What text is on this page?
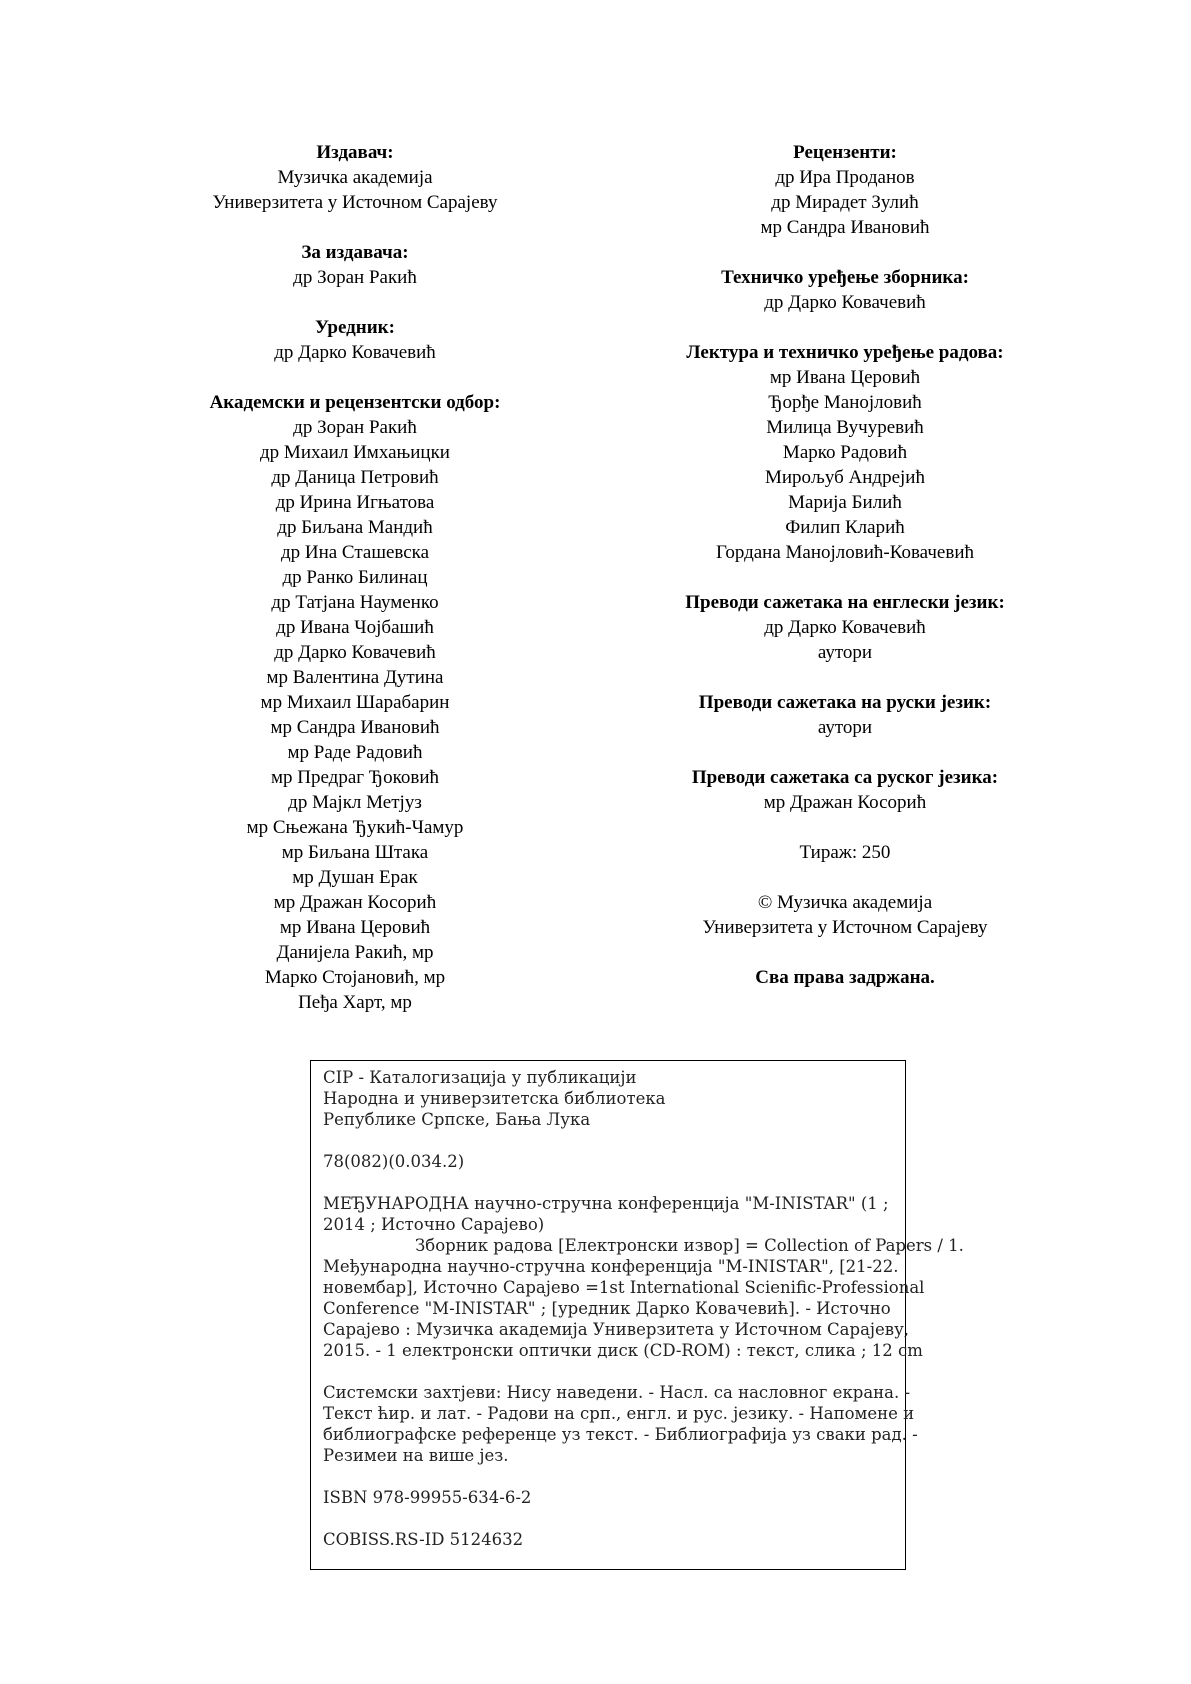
Издавач:
Музичка академија
Универзитета у Источном Сарајеву
За издавача:
др Зоран Ракић
Уредник:
др Дарко Ковачевић
Академски и рецензентски одбор:
др Зоран Ракић
др Михаил Имхањицки
др Даница Петровић
др Ирина Игњатова
др Биљана Мандић
др Ина Сташевска
др Ранко Билинац
др Татјана Науменко
др Ивана Чојбашић
др Дарко Ковачевић
мр Валентина Дутина
мр Михаил Шарабарин
мр Сандра Ивановић
мр Раде Радовић
мр Предраг Ђоковић
др Мајкл Метјуз
мр Сњежана Ђукић-Чамур
мр Биљана Штака
мр Душан Ерак
мр Дражан Косорић
мр Ивана Церовић
Данијела Ракић, мр
Марко Стојановић, мр
Пеђа Харт, мр
Рецензенти:
др Ира Проданов
др Мирадет Зулић
мр Сандра Ивановић
Техничко уређење зборника:
др Дарко Ковачевић
Лектура и техничко уређење радова:
мр Ивана Церовић
Ђорђе Манојловић
Милица Вучуревић
Марко Радовић
Мирољуб Андрејић
Марија Билић
Филип Кларић
Гордана Манојловић-Ковачевић
Преводи сажетака на енглески језик:
др Дарко Ковачевић
аутори
Преводи сажетака на руски језик:
аутори
Преводи сажетака са руског језика:
мр Дражан Косорић
Тираж: 250
© Музичка академија
Универзитета у Источном Сарајеву
Сва права задржана.
CIP - Каталогизација у публикацији
Народна и универзитетска библиотека
Републике Српске, Бања Лука
78(082)(0.034.2)
МЕЂУНАРОДНА научно-стручна конференција "M-INISTAR" (1 ;
2014 ; Источно Сарајево)
Зборник радова [Електронски извор] = Collection of Papers / 1.
Међународна научно-стручна конференција "M-INISTAR", [21-22.
новембар], Источно Сарајево =1st International Scienific-Professional
Conference "M-INISTAR" ; [уредник Дарко Ковачевић]. - Источно
Сарајево : Музичка академија Универзитета у Источном Сарајеву,
2015. - 1 електронски оптички диск (CD-ROM) : текст, слика ; 12 cm
Системски захтјеви: Нису наведени. - Насл. са насловног екрана. -
Текст ћир. и лат. - Радови на срп., енгл. и рус. језику. - Напомене и
библиографске референце уз текст. - Библиографија уз сваки рад. -
Резимеи на више јез.
ISBN 978-99955-634-6-2
COBISS.RS-ID 5124632
